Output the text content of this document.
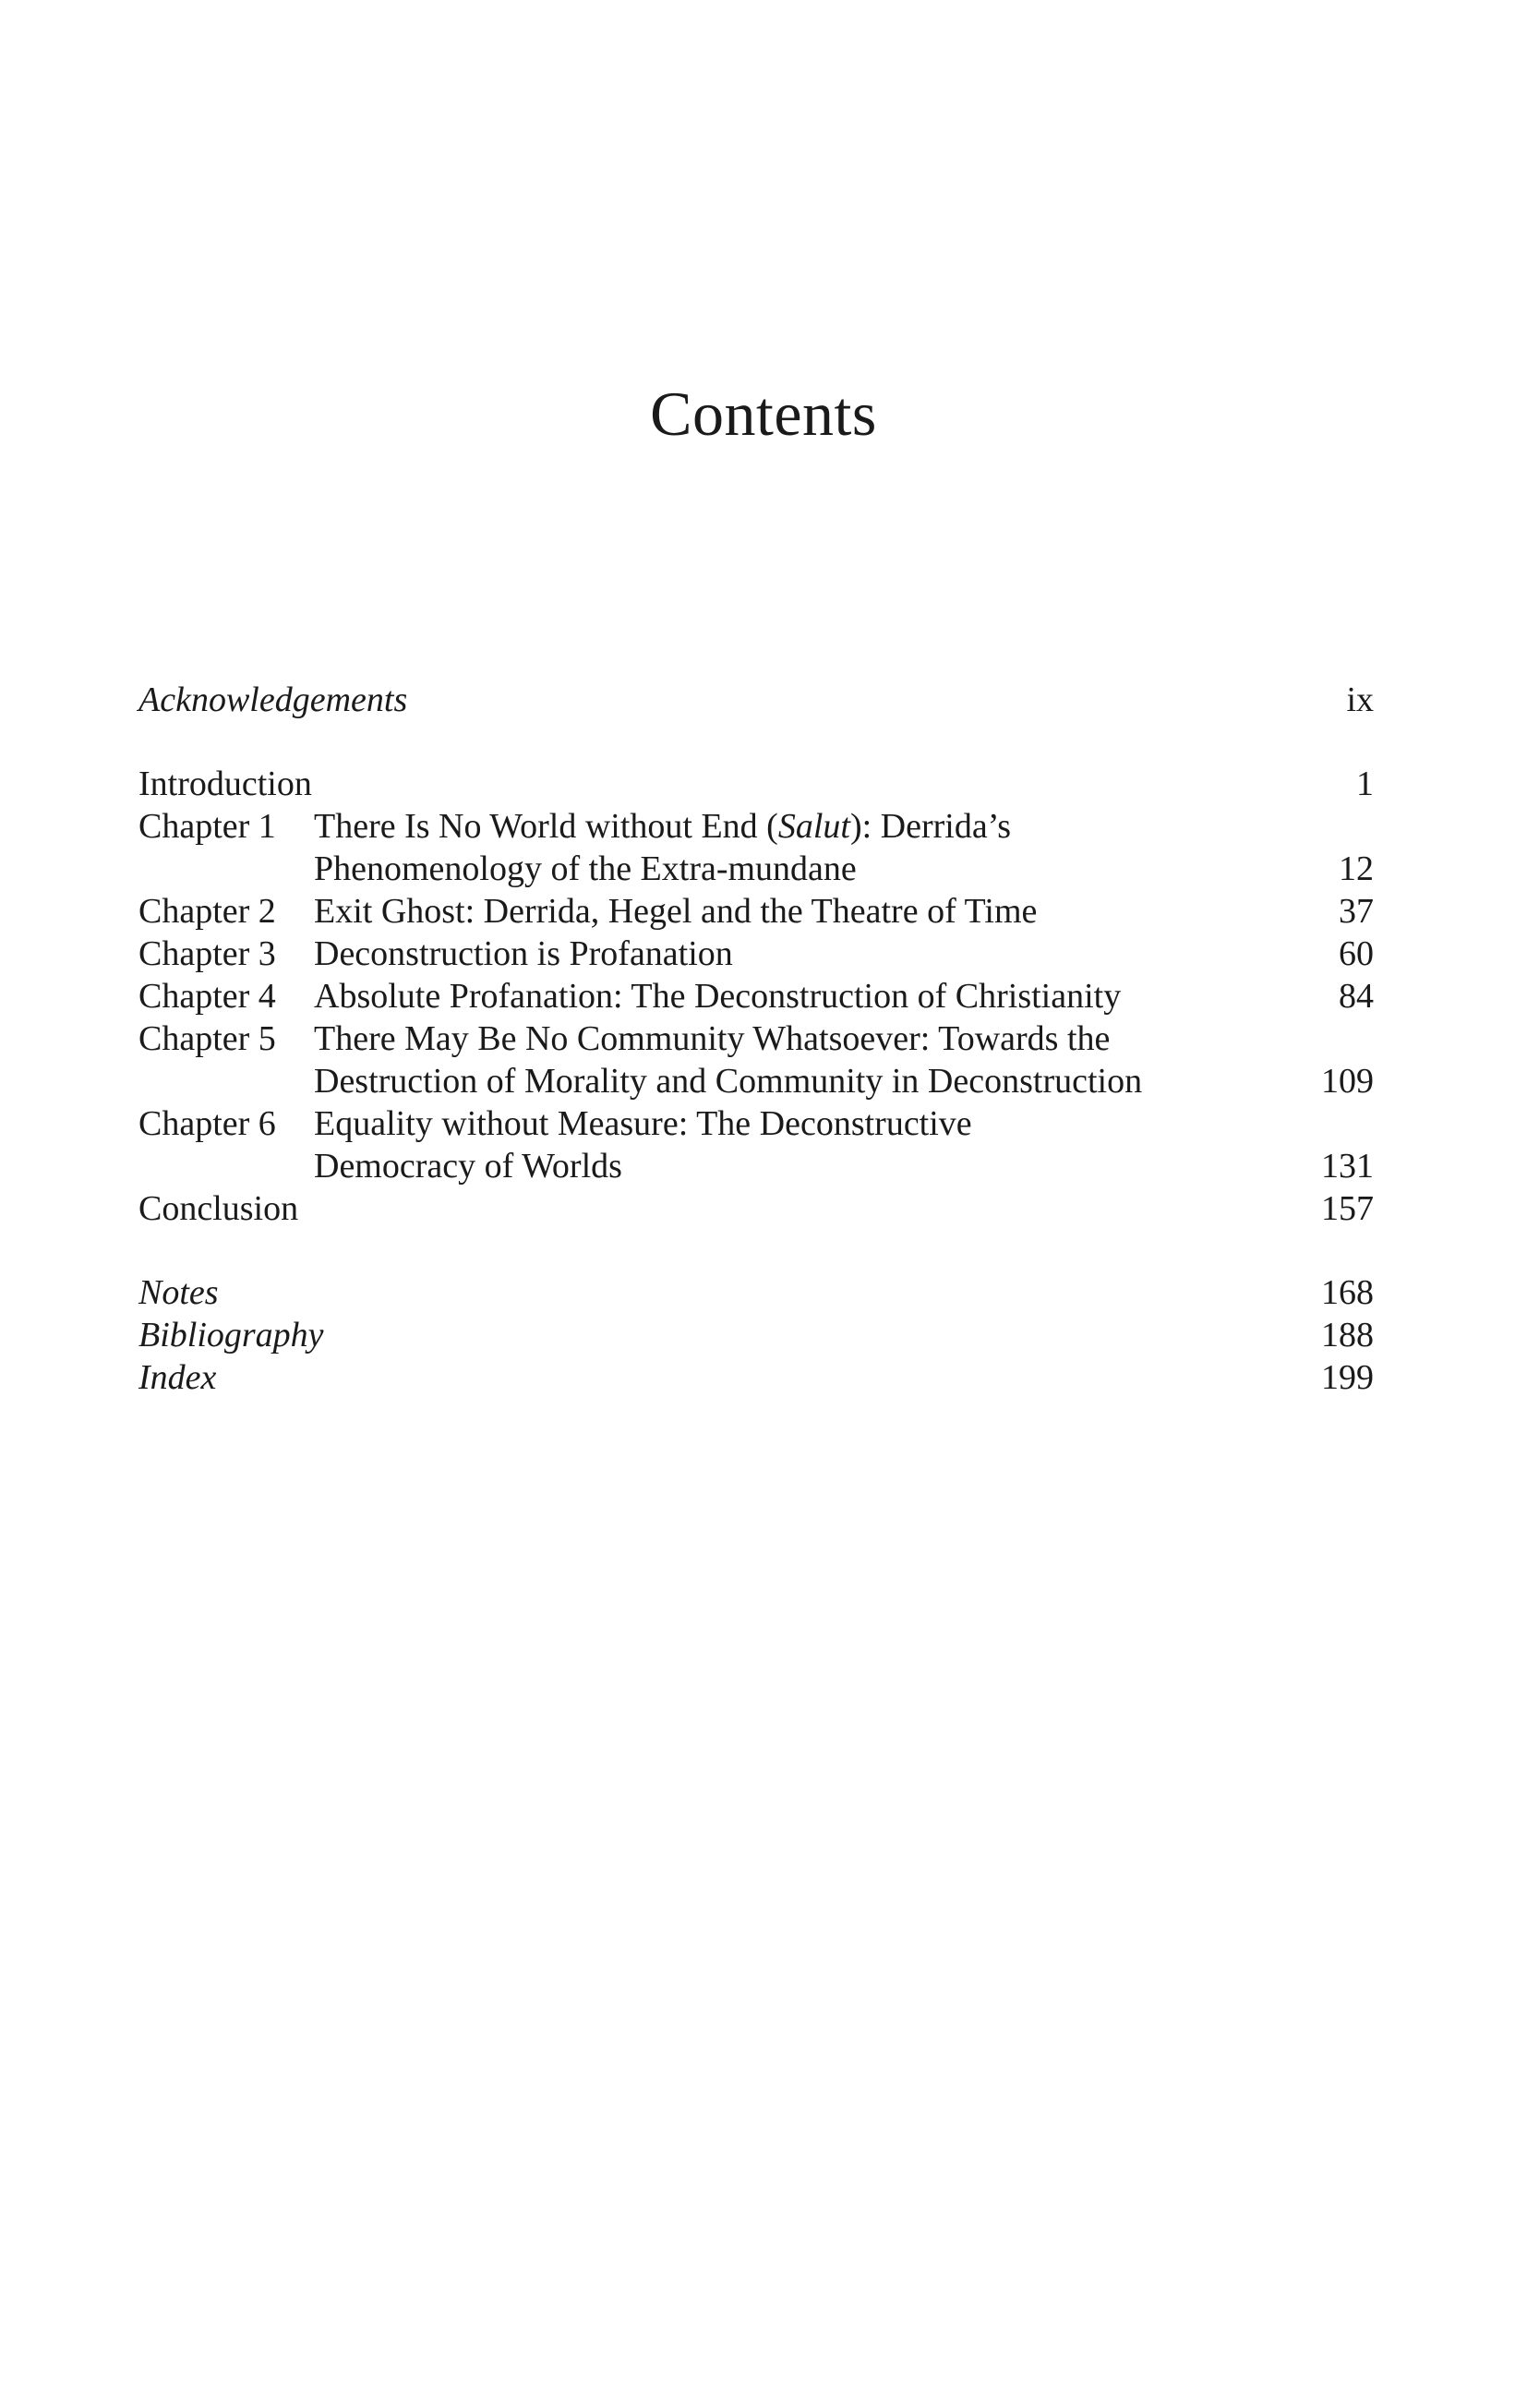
Contents
Acknowledgements	ix
Introduction	1
Chapter 1 There Is No World without End (Salut): Derrida’s
Phenomenology of the Extra-mundane	12
Chapter 2 Exit Ghost: Derrida, Hegel and the Theatre of Time	37
Chapter 3 Deconstruction is Profanation	60
Chapter 4 Absolute Profanation: The Deconstruction of Christianity	84
Chapter 5 There May Be No Community Whatsoever: Towards the
Destruction of Morality and Community in Deconstruction	109
Chapter 6 Equality without Measure: The Deconstructive
Democracy of Worlds	131
Conclusion	157
Notes	168
Bibliography	188
Index	199
